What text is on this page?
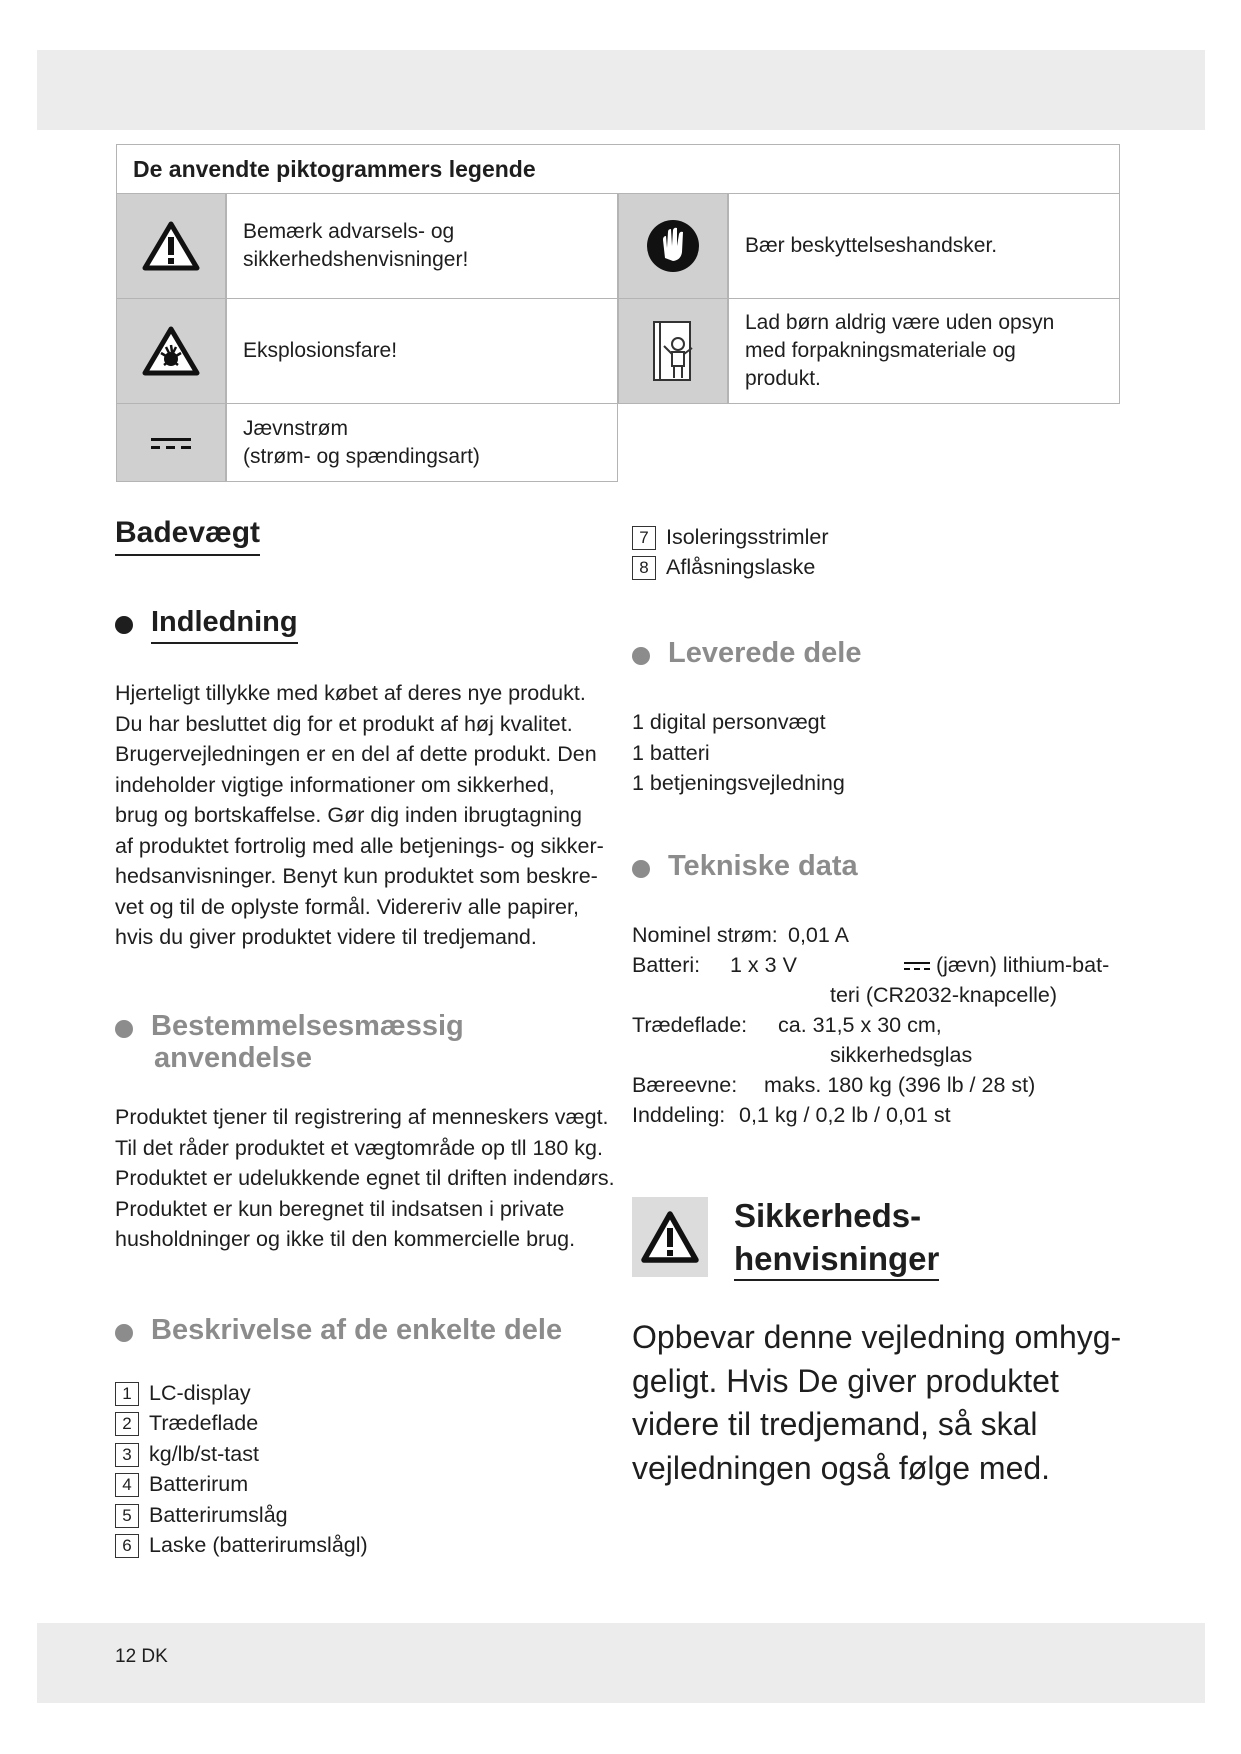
12 DK
De anvendte piktogrammers legende
Bemærk advarsels- og sikkerhedshenvisninger!
Bær beskyttelseshandsker.
Eksplosionsfare!
Lad børn aldrig være uden opsyn med forpakningsmateriale og produkt.
Jævnstrøm
(strøm- og spændingsart)
Badevægt
Indledning
Hjerteligt tillykke med købet af deres nye produkt.
Du har besluttet dig for et produkt af høj kvalitet.
Brugervejledningen er en del af dette produkt. Den
indeholder vigtige informationer om sikkerhed,
brug og bortskaffelse. Gør dig inden ibrugtagning
af produktet fortrolig med alle betjenings- og sikker-
hedsanvisninger. Benyt kun produktet som beskre-
vet og til de oplyste formål. Viderегiv alle papirer,
hvis du giver produktet videre til tredjemand.
Bestemmelsesmæssig
anvendelse
Produktet tjener til registrering af menneskers vægt.
Til det råder produktet et vægtområde op tll 180 kg.
Produktet er udelukkende egnet til driften indendørs.
Produktet er kun beregnet til indsatsen i private
husholdninger og ikke til den kommercielle brug.
Beskrivelse af de enkelte dele
1 LC-display
2 Trædeflade
3 kg/lb/st-tast
4 Batterirum
5 Batterirumslåg
6 Laske (batterirumslågl)
7 Isoleringsstrimler
8 Aflåsningslaske
Leverede dele
1 digital personvægt
1 batteri
1 betjeningsvejledning
Tekniske data
Nominel strøm: 0,01 A
Batteri: 1 x 3 V	(jævn) lithium-bat-
teri (CR2032-knapcelle)
Trædeflade: ca. 31,5 x 30 cm,
sikkerhedsglas
Bæreevne: maks. 180 kg (396 lb / 28 st)
Inddeling: 0,1 kg / 0,2 lb / 0,01 st
Sikkerheds-
henvisninger
Opbevar denne vejledning omhyg-
geligt. Hvis De giver produktet
videre til tredjemand, så skal
vejledningen også følge med.
